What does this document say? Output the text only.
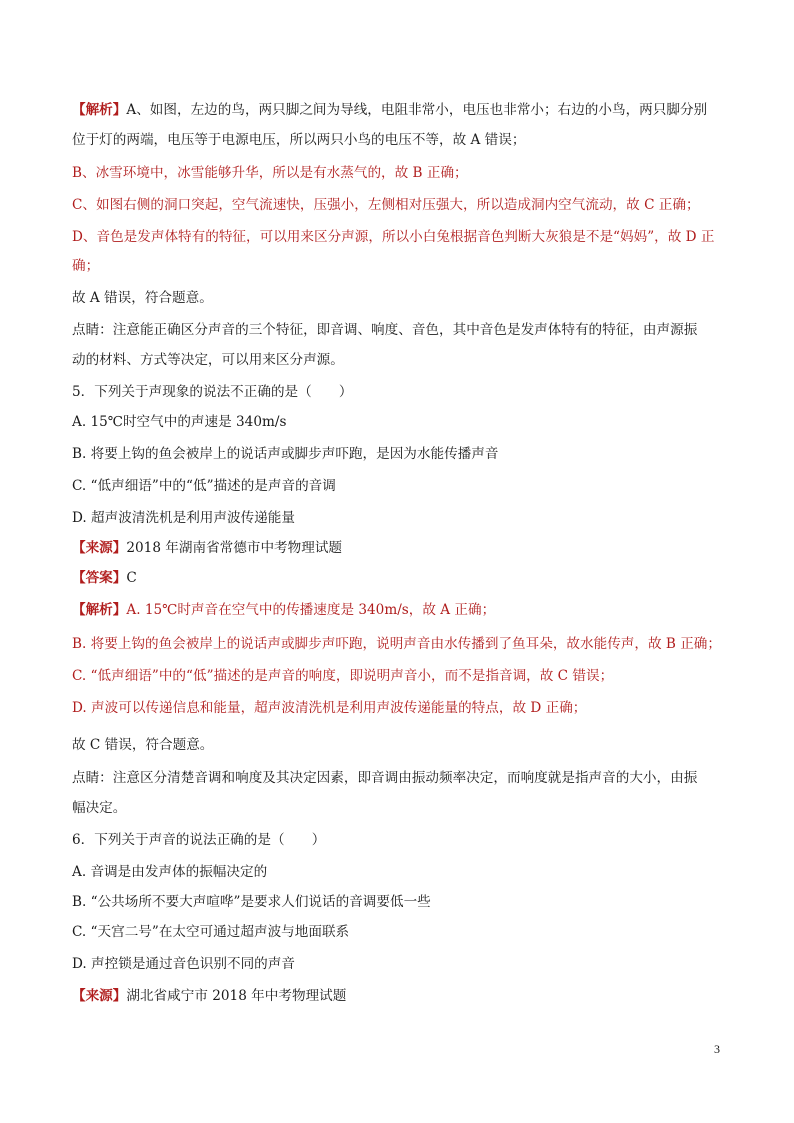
【解析】A、如图，左边的鸟，两只脚之间为导线，电阻非常小，电压也非常小；右边的小鸟，两只脚分别
位于灯的两端，电压等于电源电压，所以两只小鸟的电压不等，故 A 错误；
B、冰雪环境中，冰雪能够升华，所以是有水蒸气的，故 B 正确；
C、如图右侧的洞口突起，空气流速快，压强小，左侧相对压强大，所以造成洞内空气流动，故 C 正确；
D、音色是发声体特有的特征，可以用来区分声源，所以小白兔根据音色判断大灰狼是不是“妈妈”，故 D 正
确；
故 A 错误，符合题意。
点睛：注意能正确区分声音的三个特征，即音调、响度、音色，其中音色是发声体特有的特征，由声源振
动的材料、方式等决定，可以用来区分声源。
5．下列关于声现象的说法不正确的是（　　）
A. 15℃时空气中的声速是 340m/s
B. 将要上钩的鱼会被岸上的说话声或脚步声吓跑，是因为水能传播声音
C. “低声细语”中的“低”描述的是声音的音调
D. 超声波清洗机是利用声波传递能量
【来源】2018 年湖南省常德市中考物理试题
【答案】C
【解析】A. 15℃时声音在空气中的传播速度是 340m/s，故 A 正确；
B. 将要上钩的鱼会被岸上的说话声或脚步声吓跑，说明声音由水传播到了鱼耳朵，故水能传声，故 B 正确；
C. “低声细语”中的“低”描述的是声音的响度，即说明声音小，而不是指音调，故 C 错误；
D. 声波可以传递信息和能量，超声波清洗机是利用声波传递能量的特点，故 D 正确；
故 C 错误，符合题意。
点睛：注意区分清楚音调和响度及其决定因素，即音调由振动频率决定，而响度就是指声音的大小，由振
幅决定。
6．下列关于声音的说法正确的是（　　）
A. 音调是由发声体的振幅决定的
B. “公共场所不要大声喧哗”是要求人们说话的音调要低一些
C. “天宫二号”在太空可通过超声波与地面联系
D. 声控锁是通过音色识别不同的声音
【来源】湖北省咸宁市 2018 年中考物理试题
3
